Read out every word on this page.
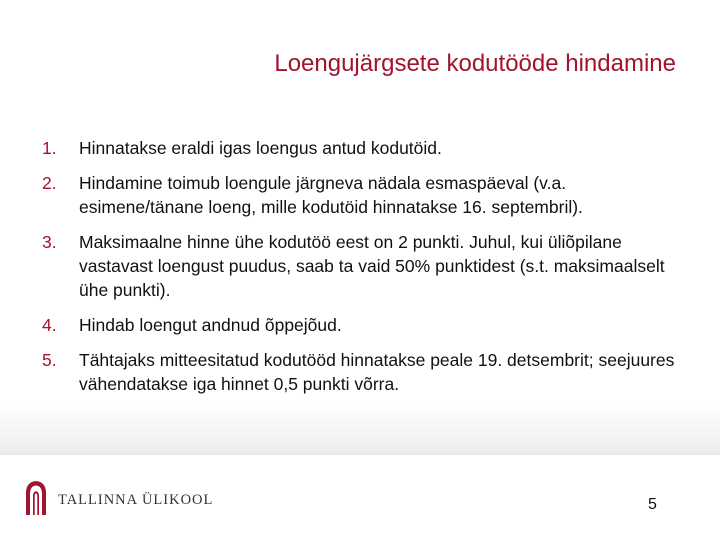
Loengujärgsete kodutööde hindamine
1.	Hinnatakse eraldi igas loengus antud kodutöid.
2.	Hindamine toimub loengule järgneva nädala esmaspäeval (v.a. esimene/tänane loeng, mille kodutöid hinnatakse 16. septembril).
3.	Maksimaalne hinne ühe kodutöö eest on 2 punkti. Juhul, kui üliõpilane vastavast loengust puudus, saab ta vaid 50% punktidest (s.t. maksimaalselt ühe punkti).
4.	Hindab loengut andnud õppejõud.
5.	Tähtajaks mitteesitatud kodutööd hinnatakse peale 19. detsembrit; seejuures vähendatakse iga hinnet 0,5 punkti võrra.
TALLINNA ÜLIKOOL	5
